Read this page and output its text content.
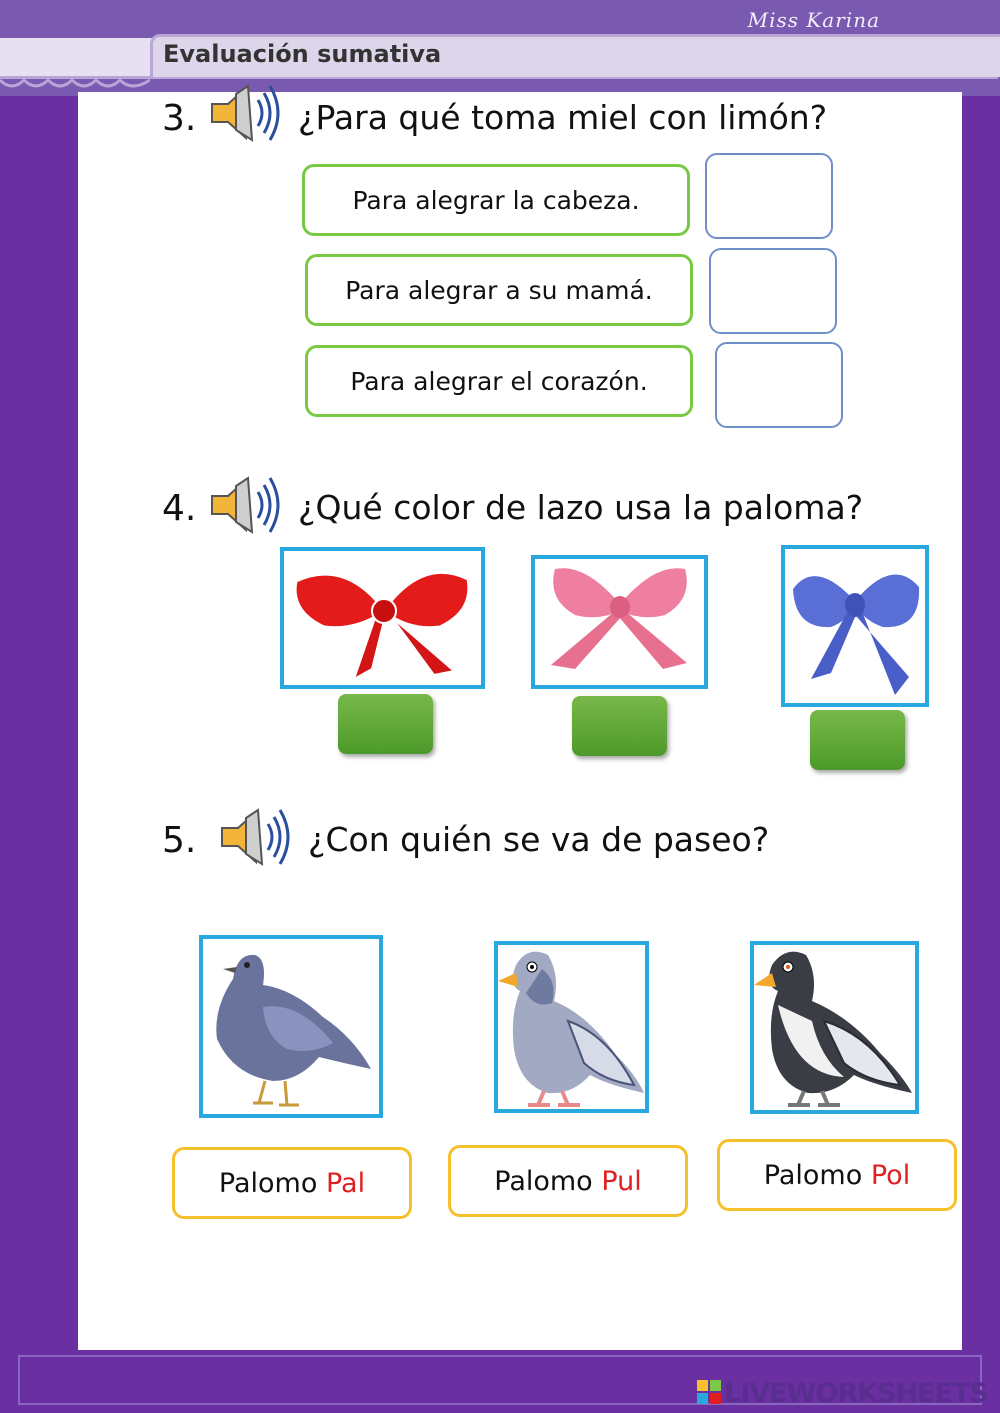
Miss Karina
Evaluación sumativa
3.	¿Para qué toma miel con limón?
Para alegrar la cabeza.
Para alegrar a su mamá.
Para alegrar el corazón.
4.	¿Qué color de lazo usa la paloma?
5.	¿Con quién se va de paseo?
Palomo
Pal	Palomo
Pul	Palomo
Pol
LIVEWORKSHEETS
